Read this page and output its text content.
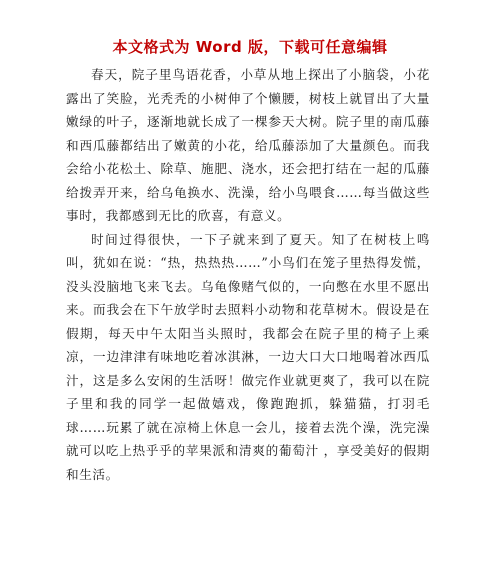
本文格式为 Word 版，下载可任意编辑

春天，院子里鸟语花香，小草从地上探出了小脑袋，小花露出了笑脸，光秃秃的小树伸了个懒腰，树枝上就冒出了大量嫩绿的叶子，逐渐地就长成了一棵参天大树。院子里的南瓜藤和西瓜藤都结出了嫩黄的小花，给瓜藤添加了大量颜色。而我会给小花松土、除草、施肥、浇水，还会把打结在一起的瓜藤给拨弄开来，给乌龟换水、洗澡，给小鸟喂食……每当做这些事时，我都感到无比的欣喜，有意义。

时间过得很快，一下子就来到了夏天。知了在树枝上鸣叫，犹如在说：“热，热热热……”小鸟们在笼子里热得发慌，没头没脑地飞来飞去。乌龟像赌气似的，一向憋在水里不愿出来。而我会在下午放学时去照料小动物和花草树木。假设是在假期，每天中午太阳当头照时，我都会在院子里的椅子上乘凉，一边津津有味地吃着冰淇淋，一边大口大口地喝着冰西瓜汁，这是多么安闲的生活呀！做完作业就更爽了，我可以在院子里和我的同学一起做嬉戏，像跑跑抓，躲猫猫，打羽毛球……玩累了就在凉椅上休息一会儿，接着去洗个澡，洗完澡就可以吃上热乎乎的苹果派和清爽的葡萄汁 ，享受美好的假期和生活。
